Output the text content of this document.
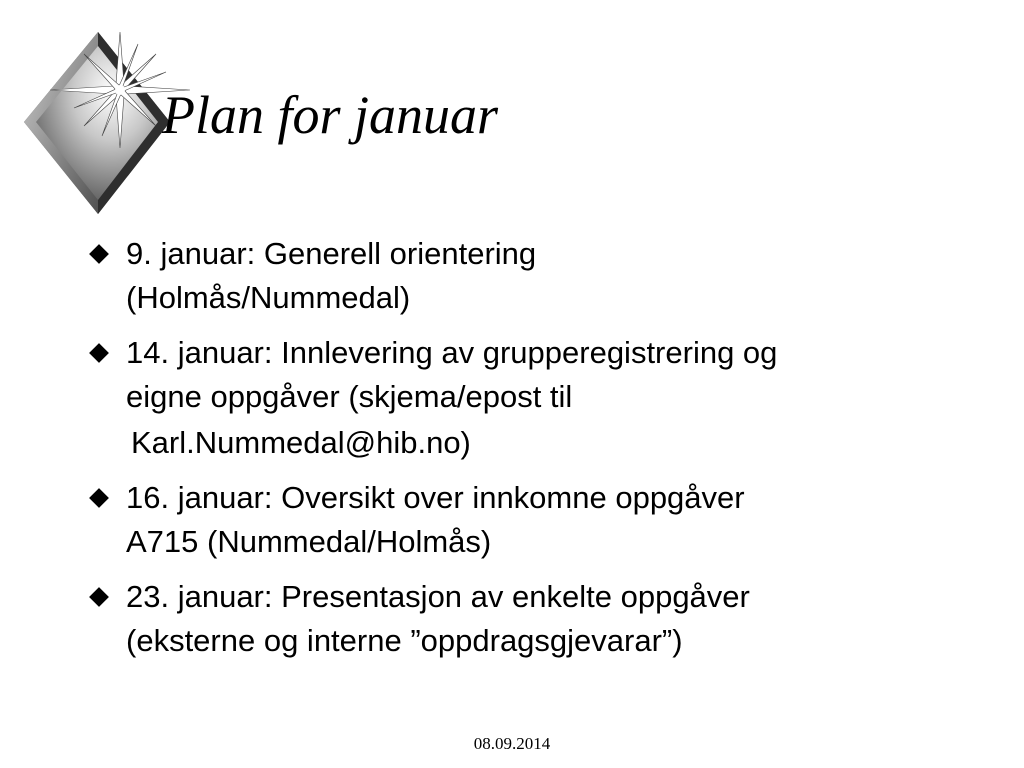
Plan for januar
9. januar: Generell orientering
(Holmås/Nummedal)
14. januar: Innlevering av grupperegistrering og
eigne oppgåver (skjema/epost til
Karl.Nummedal@hib.no)
16. januar: Oversikt over innkomne oppgåver
A715 (Nummedal/Holmås)
23. januar: Presentasjon av enkelte oppgåver
(eksterne og interne ”oppdragsgjevarar”)
08.09.2014
